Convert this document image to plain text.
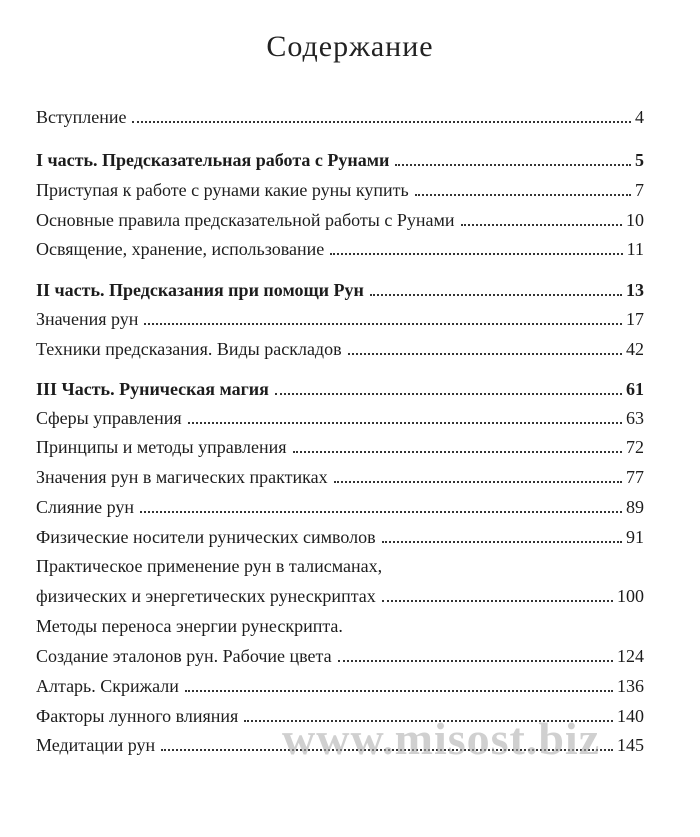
Содержание
Вступление	4
I часть. Предсказательная работа с Рунами	5
Приступая к работе с рунами какие руны купить	7
Основные правила предсказательной работы с Рунами	10
Освящение, хранение, использование	11
II часть. Предсказания при помощи Рун	13
Значения рун	17
Техники предсказания. Виды раскладов	42
III Часть. Руническая магия	61
Сферы управления	63
Принципы и методы управления	72
Значения рун в магических практиках	77
Слияние рун	89
Физические носители рунических символов	91
Практическое применение рун в талисманах,
физических и энергетических рунескриптах	100
Методы переноса энергии рунескрипта.
Создание эталонов рун. Рабочие цвета	124
Алтарь. Скрижали	136
Факторы лунного влияния	140
Медитации рун	145
www.misost.biz
